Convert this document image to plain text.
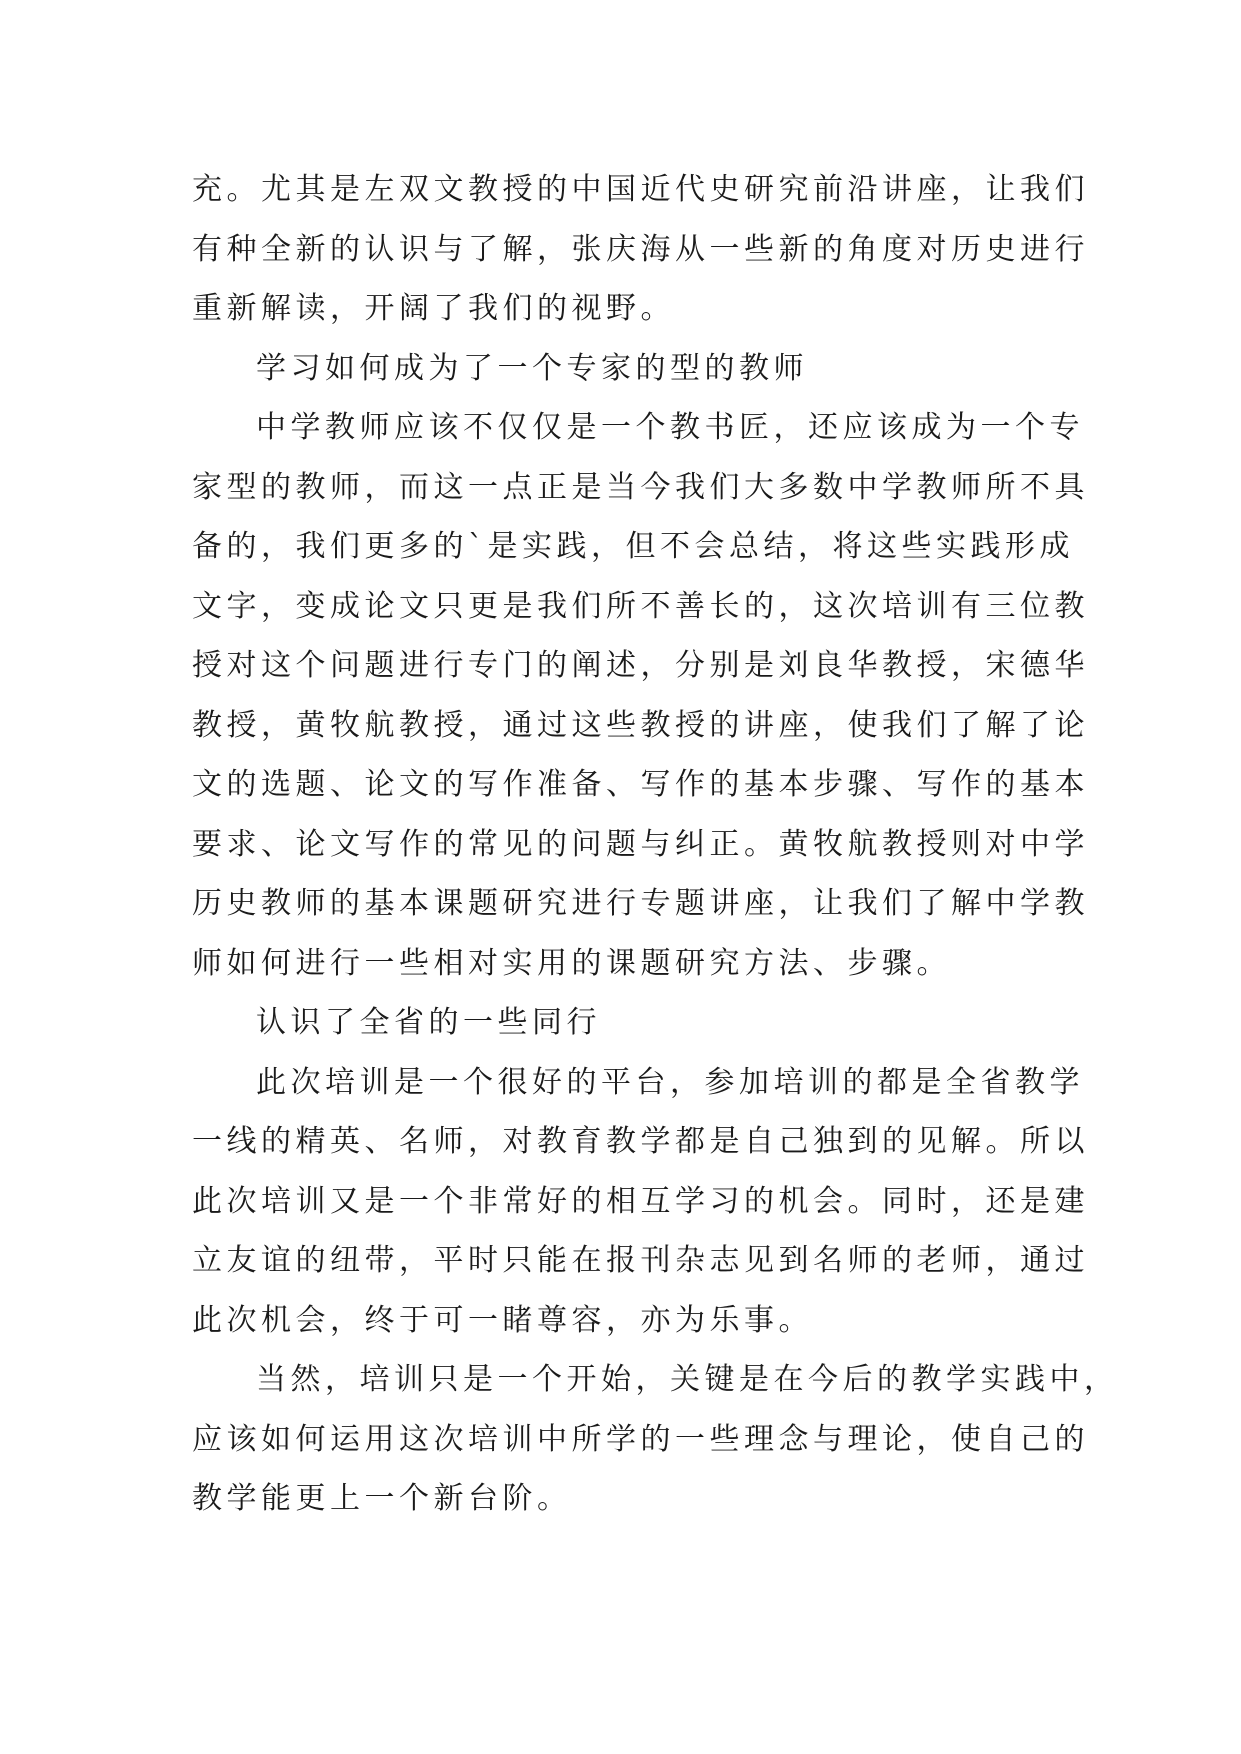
充。尤其是左双文教授的中国近代史研究前沿讲座，让我们
有种全新的认识与了解，张庆海从一些新的角度对历史进行
重新解读，开阔了我们的视野。
学习如何成为了一个专家的型的教师
中学教师应该不仅仅是一个教书匠，还应该成为一个专
家型的教师，而这一点正是当今我们大多数中学教师所不具
备的，我们更多的`是实践，但不会总结，将这些实践形成
文字，变成论文只更是我们所不善长的，这次培训有三位教
授对这个问题进行专门的阐述，分别是刘良华教授，宋德华
教授，黄牧航教授，通过这些教授的讲座，使我们了解了论
文的选题、论文的写作准备、写作的基本步骤、写作的基本
要求、论文写作的常见的问题与纠正。黄牧航教授则对中学
历史教师的基本课题研究进行专题讲座，让我们了解中学教
师如何进行一些相对实用的课题研究方法、步骤。
认识了全省的一些同行
此次培训是一个很好的平台，参加培训的都是全省教学
一线的精英、名师，对教育教学都是自己独到的见解。所以
此次培训又是一个非常好的相互学习的机会。同时，还是建
立友谊的纽带，平时只能在报刊杂志见到名师的老师，通过
此次机会，终于可一睹尊容，亦为乐事。
当然，培训只是一个开始，关键是在今后的教学实践中，
应该如何运用这次培训中所学的一些理念与理论，使自己的
教学能更上一个新台阶。
